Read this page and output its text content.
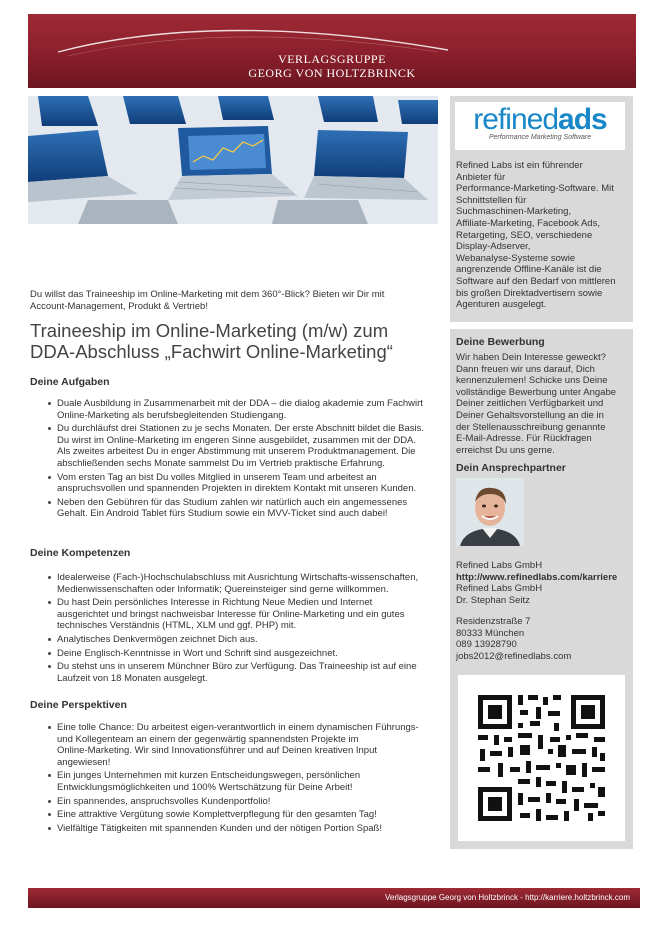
VERLAGSGRUPPE
GEORG VON HOLTZBRINCK
refinedads
Performance Marketing Software
Refined Labs ist ein führender
Anbieter für
Performance-Marketing-Software. Mit
Schnittstellen für
Suchmaschinen-Marketing,
Affiliate-Marketing, Facebook Ads,
Retargeting, SEO, verschiedene
Display-Adserver,
Webanalyse-Systeme sowie
angrenzende Offline-Kanäle ist die
Software auf den Bedarf von mittleren
bis großen Direktadvertisern sowie
Agenturen ausgelegt.
Deine Bewerbung
Wir haben Dein Interesse geweckt?
Dann freuen wir uns darauf, Dich
kennenzulernen! Schicke uns Deine
vollständige Bewerbung unter Angabe
Deiner zeitlichen Verfügbarkeit und
Deiner Gehaltsvorstellung an die in
der Stellenausschreibung genannte
E-Mail-Adresse. Für Rückfragen
erreichst Du uns gerne.
Dein Ansprechpartner
Refined Labs GmbH
http://www.refinedlabs.com/karriere
Refined Labs GmbH
Dr. Stephan Seitz
Residenzstraße 7
80333 München
089 13928790
jobs2012@refinedlabs.com
Du willst das Traineeship im Online-Marketing mit dem 360°-Blick? Bieten wir Dir mit
Account-Management, Produkt & Vertrieb!
Traineeship im Online-Marketing (m/w) zum
DDA-Abschluss „Fachwirt Online-Marketing“
Deine Aufgaben
Duale Ausbildung in Zusammenarbeit mit der DDA – die dialog akademie zum Fachwirt
Online-Marketing als berufsbegleitenden Studiengang.
Du durchläufst drei Stationen zu je sechs Monaten. Der erste Abschnitt bildet die Basis.
Du wirst im Online-Marketing im engeren Sinne ausgebildet, zusammen mit der DDA.
Als zweites arbeitest Du in enger Abstimmung mit unserem Produktmanagement. Die
abschließenden sechs Monate sammelst Du im Vertrieb praktische Erfahrung.
Vom ersten Tag an bist Du volles Mitglied in unserem Team und arbeitest an
anspruchsvollen und spannenden Projekten in direktem Kontakt mit unseren Kunden.
Neben den Gebühren für das Studium zahlen wir natürlich auch ein angemessenes
Gehalt. Ein Android Tablet fürs Studium sowie ein MVV-Ticket sind auch dabei!
Deine Kompetenzen
Idealerweise (Fach-)Hochschulabschluss mit Ausrichtung Wirtschafts-wissenschaften,
Medienwissenschaften oder Informatik; Quereinsteiger sind gerne willkommen.
Du hast Dein persönliches Interesse in Richtung Neue Medien und Internet
ausgerichtet und bringst nachweisbar Interesse für Online-Marketing und ein gutes
technisches Verständnis (HTML, XLM und ggf. PHP) mit.
Analytisches Denkvermögen zeichnet Dich aus.
Deine Englisch-Kenntnisse in Wort und Schrift sind ausgezeichnet.
Du stehst uns in unserem Münchner Büro zur Verfügung. Das Traineeship ist auf eine
Laufzeit von 18 Monaten ausgelegt.
Deine Perspektiven
Eine tolle Chance: Du arbeitest eigen-verantwortlich in einem dynamischen Führungs-
und Kollegenteam an einem der gegenwärtig spannendsten Projekte im
Online-Marketing. Wir sind Innovationsführer und auf Deinen kreativen Input
angewiesen!
Ein junges Unternehmen mit kurzen Entscheidungswegen, persönlichen
Entwicklungsmöglichkeiten und 100% Wertschätzung für Deine Arbeit!
Ein spannendes, anspruchsvolles Kundenportfolio!
Eine attraktive Vergütung sowie Komplettverpflegung für den gesamten Tag!
Vielfältige Tätigkeiten mit spannenden Kunden und der nötigen Portion Spaß!
Verlagsgruppe Georg von Holtzbrinck - http://karriere.holtzbrinck.com
